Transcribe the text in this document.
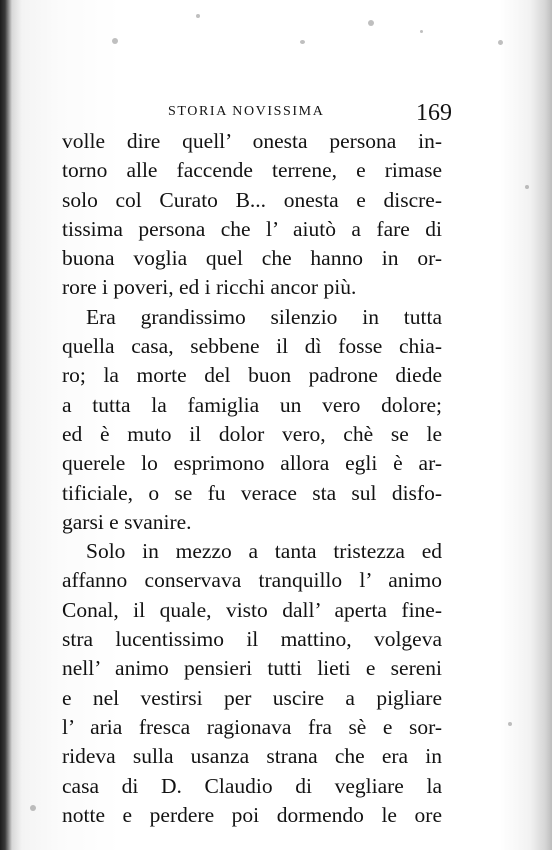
STORIA NOVISSIMA	169
volle dire quell’ onesta persona in-
torno alle faccende terrene, e rimase
solo col Curato B... onesta e discre-
tissima persona che l’ aiutò a fare di
buona voglia quel che hanno in or-
rore i poveri, ed i ricchi ancor più.
Era grandissimo silenzio in tutta
quella casa, sebbene il dì fosse chia-
ro; la morte del buon padrone diede
a tutta la famiglia un vero dolore;
ed è muto il dolor vero, chè se le
querele lo esprimono allora egli è ar-
tificiale, o se fu verace sta sul disfo-
garsi e svanire.
Solo in mezzo a tanta tristezza ed
affanno conservava tranquillo l’ animo
Conal, il quale, visto dall’ aperta fine-
stra lucentissimo il mattino, volgeva
nell’ animo pensieri tutti lieti e sereni
e nel vestirsi per uscire a pigliare
l’ aria fresca ragionava fra sè e sor-
rideva sulla usanza strana che era in
casa di D. Claudio di vegliare la
notte e perdere poi dormendo le ore
